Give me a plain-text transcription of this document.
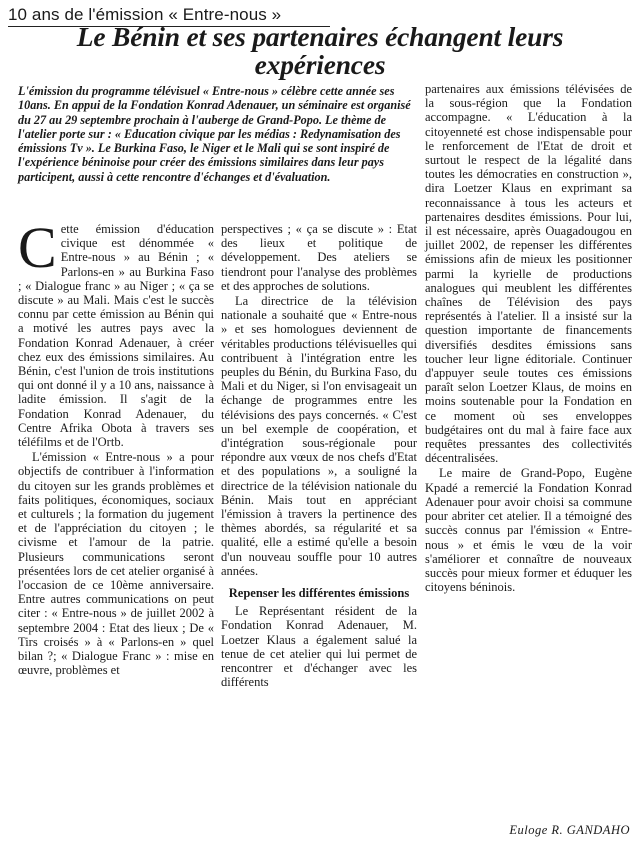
10 ans de l'émission « Entre-nous »
Le Bénin et ses partenaires échangent leurs expériences
L'émission du programme télévisuel « Entre-nous » célèbre cette année ses 10ans. En appui de la Fondation Konrad Adenauer, un séminaire est organisé du 27 au 29 septembre prochain à l'auberge de Grand-Popo. Le thème de l'atelier porte sur : « Education civique par les médias : Redynamisation des émissions Tv ». Le Burkina Faso, le Niger et le Mali qui se sont inspiré de l'expérience béninoise pour créer des émissions similaires dans leur pays participent, aussi à cette rencontre d'échanges et d'évaluation.

Cette émission d'éducation civique est dénommée « Entre-nous » au Bénin ; « Parlons-en » au Burkina Faso ; « Dialogue franc » au Niger ; « ça se discute » au Mali. Mais c'est le succès connu par cette émission au Bénin qui a motivé les autres pays avec la Fondation Konrad Adenauer, à créer chez eux des émissions similaires. Au Bénin, c'est l'union de trois institutions qui ont donné il y a 10 ans, naissance à ladite émission. Il s'agit de la Fondation Konrad Adenauer, du Centre Afrika Obota à travers ses téléfilms et de l'Ortb.

L'émission « Entre-nous » a pour objectifs de contribuer à l'information du citoyen sur les grands problèmes et faits politiques, économiques, sociaux et culturels ; la formation du jugement et de l'appréciation du citoyen ; le civisme et l'amour de la patrie. Plusieurs communications seront présentées lors de cet atelier organisé à l'occasion de ce 10ème anniversaire. Entre autres communications on peut citer : « Entre-nous » de juillet 2002 à septembre 2004 : Etat des lieux ; De « Tirs croisés » à « Parlons-en » quel bilan ?; « Dialogue Franc » : mise en œuvre, problèmes et

perspectives ; « ça se discute » : Etat des lieux et politique de développement. Des ateliers se tiendront pour l'analyse des problèmes et des approches de solutions.

La directrice de la télévision nationale a souhaité que « Entre-nous » et ses homologues deviennent de véritables productions télévisuelles qui contribuent à l'intégration entre les peuples du Bénin, du Burkina Faso, du Mali et du Niger, si l'on envisageait un échange de programmes entre les télévisions des pays concernés. « C'est un bel exemple de coopération, et d'intégration sous-régionale pour répondre aux vœux de nos chefs d'Etat et des populations », a souligné la directrice de la télévision nationale du Bénin. Mais tout en appréciant l'émission à travers la pertinence des thèmes abordés, sa régularité et sa qualité, elle a estimé qu'elle a besoin d'un nouveau souffle pour 10 autres années.

Repenser les différentes émissions

Le Représentant résident de la Fondation Konrad Adenauer, M. Loetzer Klaus a également salué la tenue de cet atelier qui lui permet de rencontrer et d'échanger avec les différents

partenaires aux émissions télévisées de la sous-région que la Fondation accompagne. « L'éducation à la citoyenneté est chose indispensable pour le renforcement de l'Etat de droit et surtout le respect de la légalité dans toutes les démocraties en construction », dira Loetzer Klaus en exprimant sa reconnaissance à tous les acteurs et partenaires desdites émissions. Pour lui, il est nécessaire, après Ouagadougou en juillet 2002, de repenser les différentes émissions afin de mieux les positionner parmi la kyrielle de productions analogues qui meublent les différentes chaînes de Télévision des pays représentés à l'atelier. Il a insisté sur la question importante de financements diversifiés desdites émissions sans toucher leur ligne éditoriale. Continuer d'appuyer seule toutes ces émissions paraît selon Loetzer Klaus, de moins en moins soutenable pour la Fondation en ce moment où ses enveloppes budgétaires ont du mal à faire face aux requêtes pressantes des collectivités décentralisées.

Le maire de Grand-Popo, Eugène Kpadé a remercié la Fondation Konrad Adenauer pour avoir choisi sa commune pour abriter cet atelier. Il a témoigné des succès connus par l'émission « Entre-nous » et émis le vœu de la voir s'améliorer et connaître de nouveaux succès pour mieux former et éduquer les citoyens béninois.

Euloge R. GANDAHO
